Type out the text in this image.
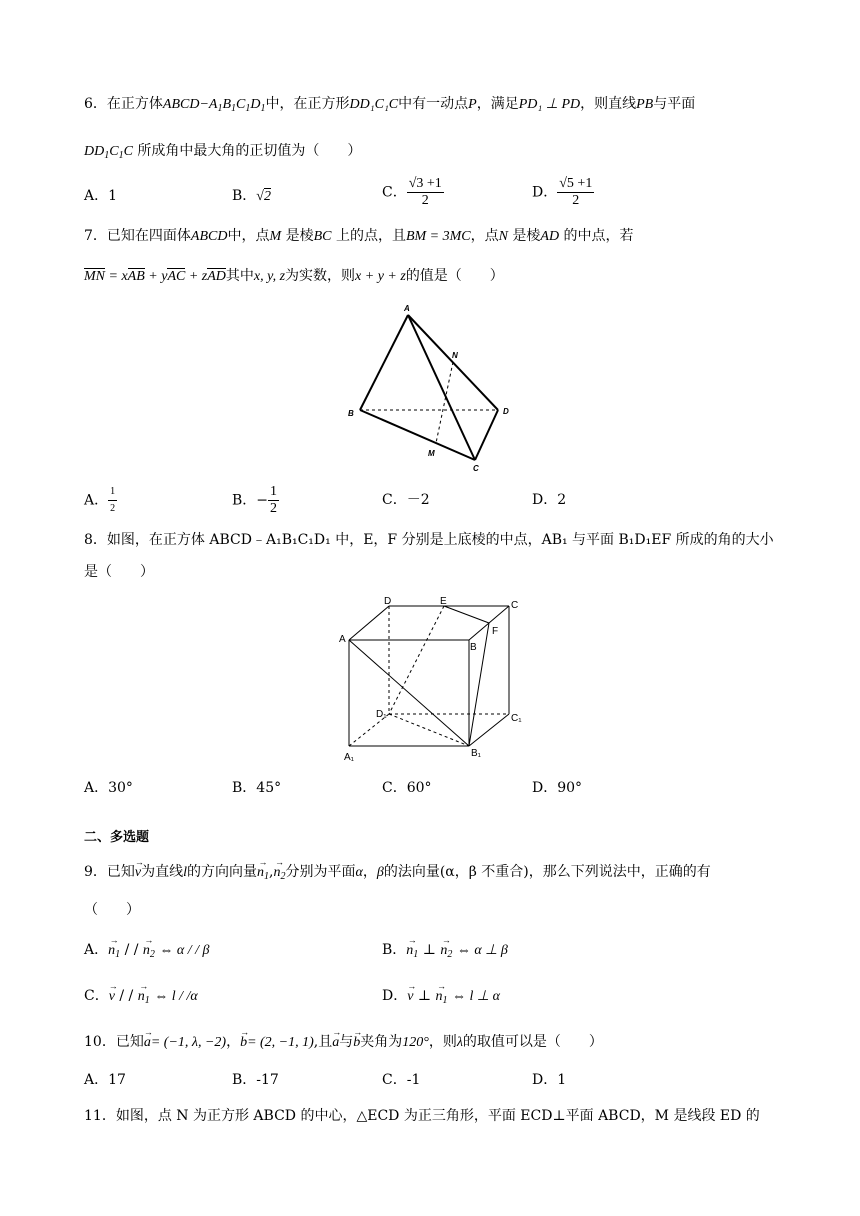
6．在正方体$ABCD-A_1B_1C_1D_1$中，在正方形DD₁C₁C中有一动点P，满足PD₁ ⊥ PD，则直线PB与平面
$DD_1C_1C$ 所成角中最大角的正切值为（　　）
A．1	B．√2	C． $\frac{√3 +1}{2}$	D． $\frac{√5 +1}{2}$
7．已知在四面体ABCD中，点M 是棱BC 上的点，且BM = 3MC，点N 是棱AD 的中点，若
MN = xAB + yAC + zAD其中x, y, z为实数，则x + y + z的值是（　　）
A
N
B	D
M
C
A． $\frac{1}{2}$	B．− $\frac{1}{2}$	C．－2	D．2
8．如图，在正方体 ABCD﹣A₁B₁C₁D₁ 中，E，F 分别是上底棱的中点，AB₁ 与平面 B₁D₁EF 所成的角的大小
是（　　）
D	E	C
F
A
B
D₁	C₁
A₁	B₁
A．30°	B．45°	C．60°	D．90°
二、多选题
9．已知→ v为直线l的方向向量→ $n_1,\to n_2$分别为平面α，β的法向量(α，β 不重合)，那么下列说法中，正确的有
（　　）
A．→ $n_1$ / / → $n_2$ ⇔ α / / β	B．→ $n_1$ ⊥ → $n_2$ ⇔ α ⊥ β
C．→ v / / → $n_1$ ⇔ l / /α	D．→ v ⊥ → $n_1$ ⇔ l ⊥ α
10．已知→ a= (−1, λ, −2)，→ b= (2, −1, 1),且→ a与→ b夹角为120°，则λ的取值可以是（　　）
A．17	B．-17	C．-1	D．1
11．如图，点 N 为正方形 ABCD 的中心，△ECD 为正三角形，平面 ECD⊥平面 ABCD，M 是线段 ED 的
